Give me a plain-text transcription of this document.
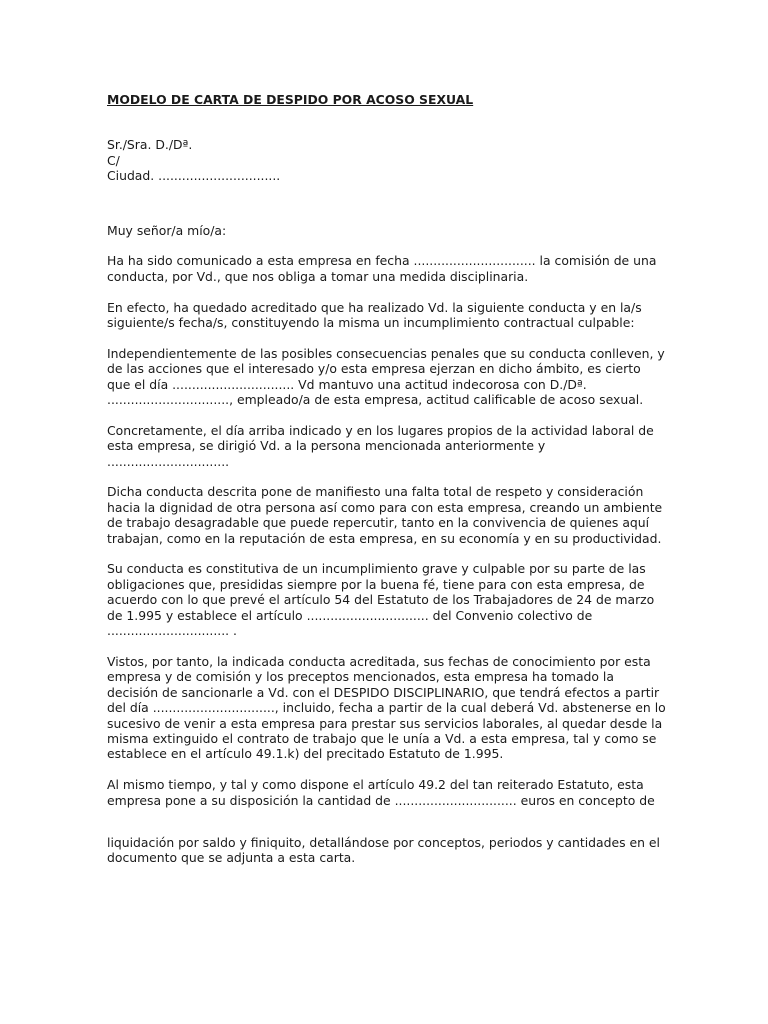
MODELO DE CARTA DE DESPIDO POR ACOSO SEXUAL
Sr./Sra. D./Dª.
C/
Ciudad. ...............................

Muy señor/a mío/a:

Ha ha sido comunicado a esta empresa en fecha ............................... la comisión de una conducta, por Vd., que nos obliga a tomar una medida disciplinaria.

En efecto, ha quedado acreditado que ha realizado Vd. la siguiente conducta y en la/s siguiente/s fecha/s, constituyendo la misma un incumplimiento contractual culpable:

Independientemente de las posibles consecuencias penales que su conducta conlleven, y de las acciones que el interesado y/o esta empresa ejerzan en dicho ámbito, es cierto que el día ............................... Vd mantuvo una actitud indecorosa con D./Dª. ..............................., empleado/a de esta empresa, actitud calificable de acoso sexual.

Concretamente, el día arriba indicado y en los lugares propios de la actividad laboral de esta empresa, se dirigió Vd. a la persona mencionada anteriormente y ...............................

Dicha conducta descrita pone de manifiesto una falta total de respeto y consideración hacia la dignidad de otra persona así como para con esta empresa, creando un ambiente de trabajo desagradable que puede repercutir, tanto en la convivencia de quienes aquí trabajan, como en la reputación de esta empresa, en su economía y en su productividad.

Su conducta es constitutiva de un incumplimiento grave y culpable por su parte de las obligaciones que, presididas siempre por la buena fé, tiene para con esta empresa, de acuerdo con lo que prevé el artículo 54 del Estatuto de los Trabajadores de 24 de marzo de 1.995 y establece el artículo ............................... del Convenio colectivo de ............................... .

Vistos, por tanto, la indicada conducta acreditada, sus fechas de conocimiento por esta empresa y de comisión y los preceptos mencionados, esta empresa ha tomado la decisión de sancionarle a Vd. con el DESPIDO DISCIPLINARIO, que tendrá efectos a partir del día ..............................., incluido, fecha a partir de la cual deberá Vd. abstenerse en lo sucesivo de venir a esta empresa para prestar sus servicios laborales, al quedar desde la misma extinguido el contrato de trabajo que le unía a Vd. a esta empresa, tal y como se establece en el artículo 49.1.k) del precitado Estatuto de 1.995.

Al mismo tiempo, y tal y como dispone el artículo 49.2 del tan reiterado Estatuto, esta empresa pone a su disposición la cantidad de ............................... euros en concepto de

liquidación por saldo y finiquito, detallándose por conceptos, periodos y cantidades en el documento que se adjunta a esta carta.
